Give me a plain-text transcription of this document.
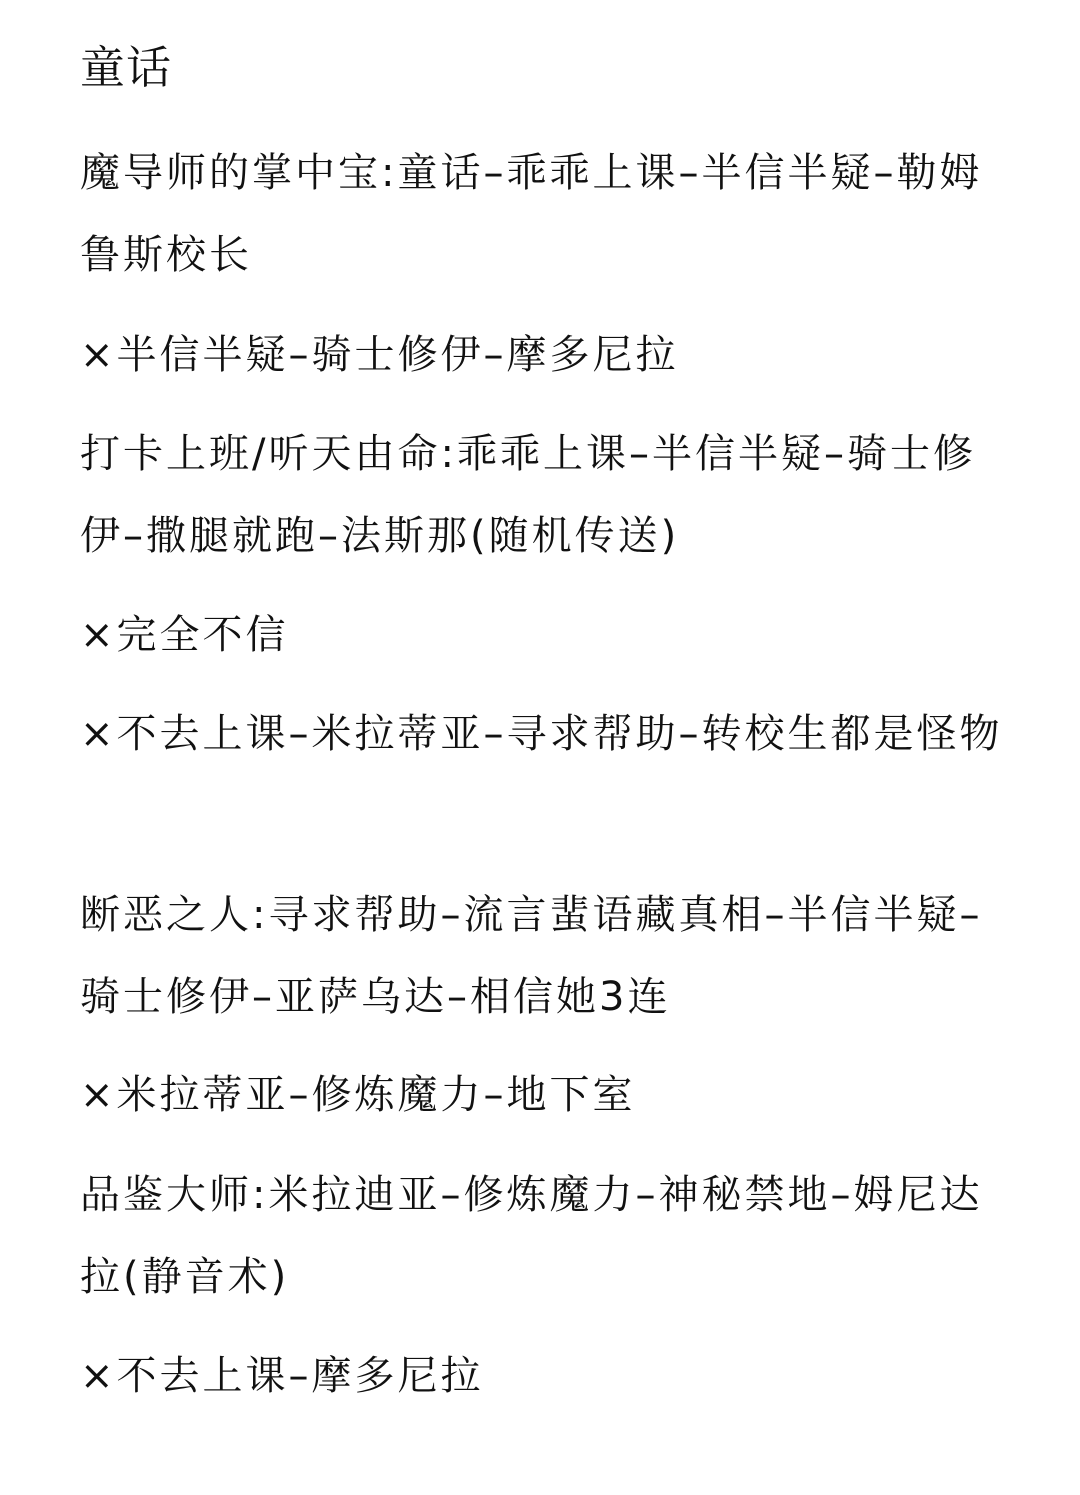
童话
魔导师的掌中宝:童话–乖乖上课–半信半疑–勒姆鲁斯校长
×半信半疑–骑士修伊–摩多尼拉
打卡上班/听天由命:乖乖上课–半信半疑–骑士修伊–撒腿就跑–法斯那(随机传送)
×完全不信
×不去上课–米拉蒂亚–寻求帮助–转校生都是怪物
断恶之人:寻求帮助–流言蜚语藏真相–半信半疑–骑士修伊–亚萨乌达–相信她3连
×米拉蒂亚–修炼魔力–地下室
品鉴大师:米拉迪亚–修炼魔力–神秘禁地–姆尼达拉(静音术)
×不去上课–摩多尼拉
